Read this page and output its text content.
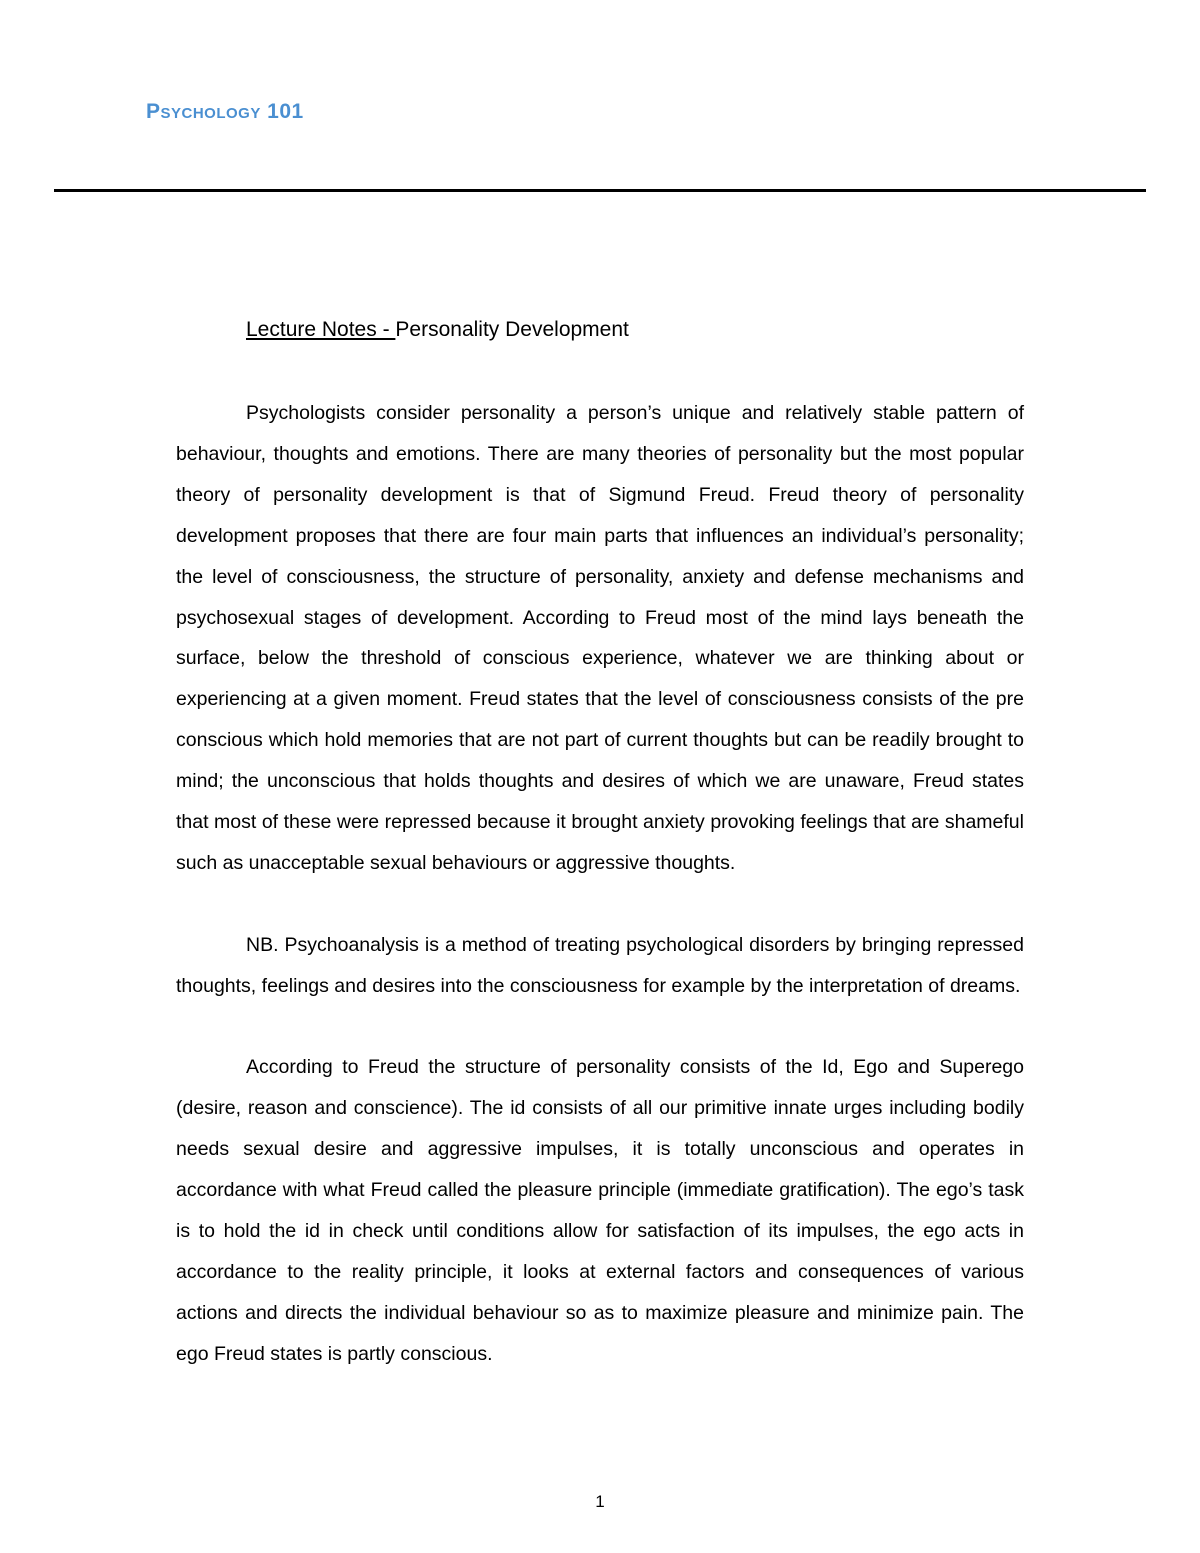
Psychology 101
Lecture Notes - Personality Development

Psychologists consider personality a person’s unique and relatively stable pattern of behaviour, thoughts and emotions. There are many theories of personality but the most popular theory of personality development is that of Sigmund Freud. Freud theory of personality development proposes that there are four main parts that influences an individual’s personality; the level of consciousness, the structure of personality, anxiety and defense mechanisms and psychosexual stages of development. According to Freud most of the mind lays beneath the surface, below the threshold of conscious experience, whatever we are thinking about or experiencing at a given moment. Freud states that the level of consciousness consists of the pre conscious which hold memories that are not part of current thoughts but can be readily brought to mind; the unconscious that holds thoughts and desires of which we are unaware, Freud states that most of these were repressed because it brought anxiety provoking feelings that are shameful such as unacceptable sexual behaviours or aggressive thoughts.

NB. Psychoanalysis is a method of treating psychological disorders by bringing repressed thoughts, feelings and desires into the consciousness for example by the interpretation of dreams.

According to Freud the structure of personality consists of the Id, Ego and Superego (desire, reason and conscience). The id consists of all our primitive innate urges including bodily needs sexual desire and aggressive impulses, it is totally unconscious and operates in accordance with what Freud called the pleasure principle (immediate gratification). The ego’s task is to hold the id in check until conditions allow for satisfaction of its impulses, the ego acts in accordance to the reality principle, it looks at external factors and consequences of various actions and directs the individual behaviour so as to maximize pleasure and minimize pain. The ego Freud states is partly conscious.

1
